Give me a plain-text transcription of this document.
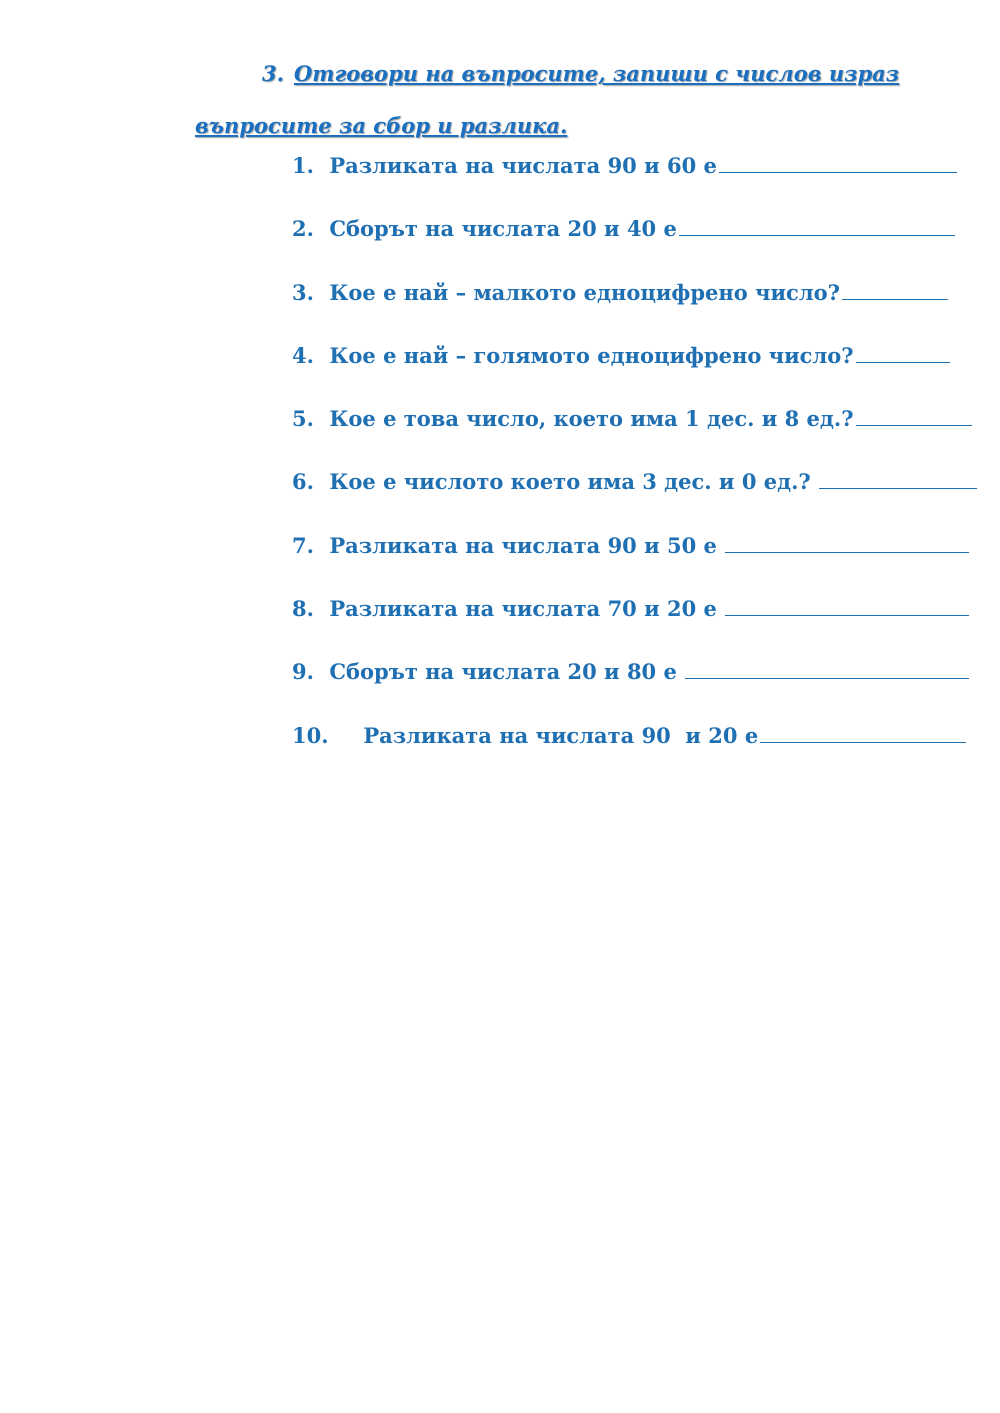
3. Отговори на въпросите, запиши с числов израз
въпросите за сбор и разлика.
1. Разликата на числата 90 и 60 е
2. Сборът на числата 20 и 40 е
3. Кое е най – малкото едноцифрено число?
4. Кое е най – голямото едноцифрено число?
5. Кое е това число, което има 1 дес. и 8 ед.?
6. Кое е числото което има 3 дес. и 0 ед.?
7. Разликата на числата 90 и 50 е
8. Разликата на числата 70 и 20 е
9. Сборът на числата 20 и 80 е
10. Разликата на числата 90  и 20 е
